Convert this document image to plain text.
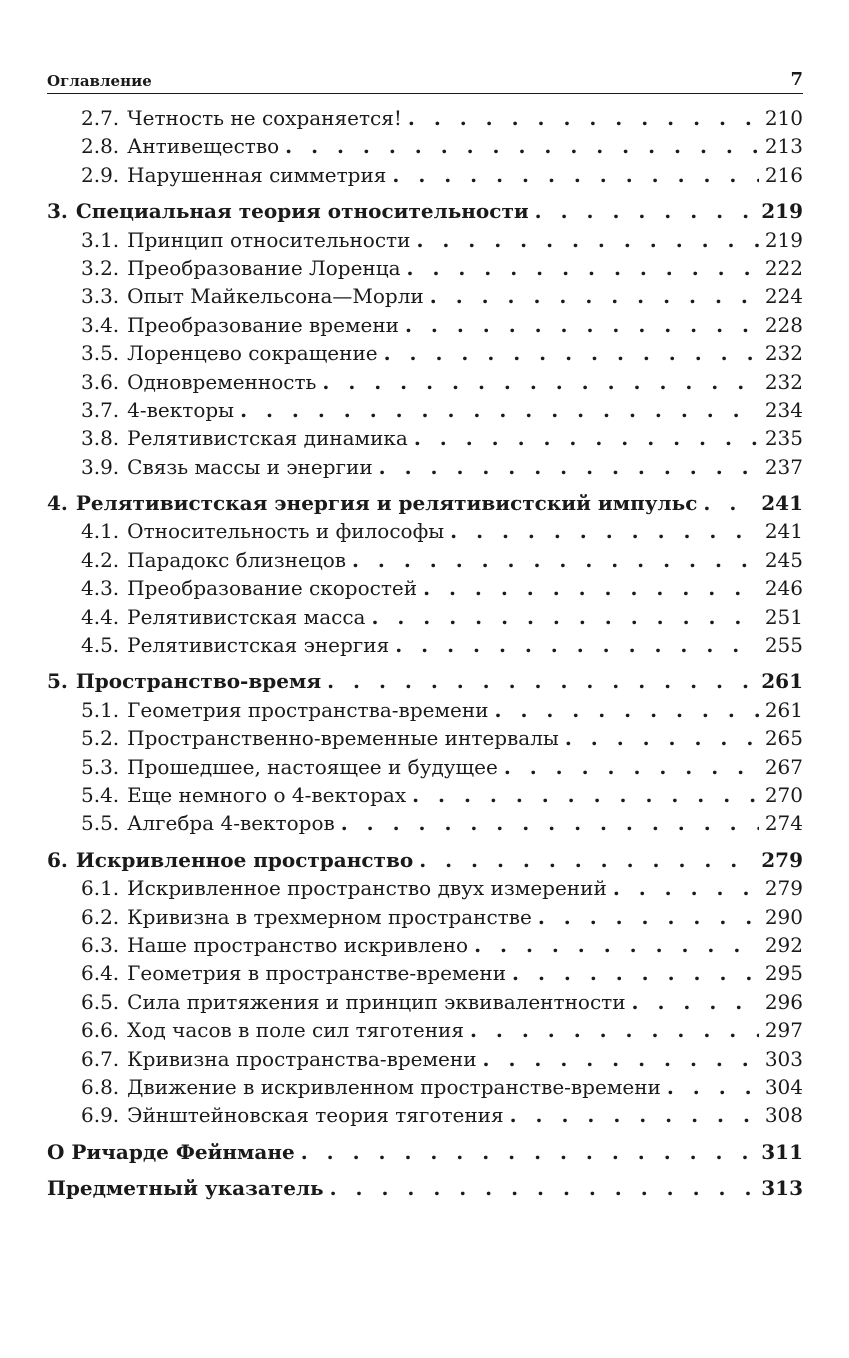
Оглавление	7
2.7. Четность не сохраняется! . . .	210
2.8. Антивещество . . .	213
2.9. Нарушенная симметрия . . .	216
3. Специальная теория относительности . . .	219
3.1. Принцип относительности . . .	219
3.2. Преобразование Лоренца . . .	222
3.3. Опыт Майкельсона—Морли . . .	224
3.4. Преобразование времени . . .	228
3.5. Лоренцево сокращение . . .	232
3.6. Одновременность . . .	232
3.7. 4-векторы . . .	234
3.8. Релятивистская динамика . . .	235
3.9. Связь массы и энергии . . .	237
4. Релятивистская энергия и релятивистский импульс . . .	241
4.1. Относительность и философы . . .	241
4.2. Парадокс близнецов . . .	245
4.3. Преобразование скоростей . . .	246
4.4. Релятивистская масса . . .	251
4.5. Релятивистская энергия . . .	255
5. Пространство-время . . .	261
5.1. Геометрия пространства-времени . . .	261
5.2. Пространственно-временные интервалы . . .	265
5.3. Прошедшее, настоящее и будущее . . .	267
5.4. Еще немного о 4-векторах . . .	270
5.5. Алгебра 4-векторов . . .	274
6. Искривленное пространство . . .	279
6.1. Искривленное пространство двух измерений . . .	279
6.2. Кривизна в трехмерном пространстве . . .	290
6.3. Наше пространство искривлено . . .	292
6.4. Геометрия в пространстве-времени . . .	295
6.5. Сила притяжения и принцип эквивалентности . . .	296
6.6. Ход часов в поле сил тяготения . . .	297
6.7. Кривизна пространства-времени . . .	303
6.8. Движение в искривленном пространстве-времени . . .	304
6.9. Эйнштейновская теория тяготения . . .	308
О Ричарде Фейнмане . . .	311
Предметный указатель . . .	313
